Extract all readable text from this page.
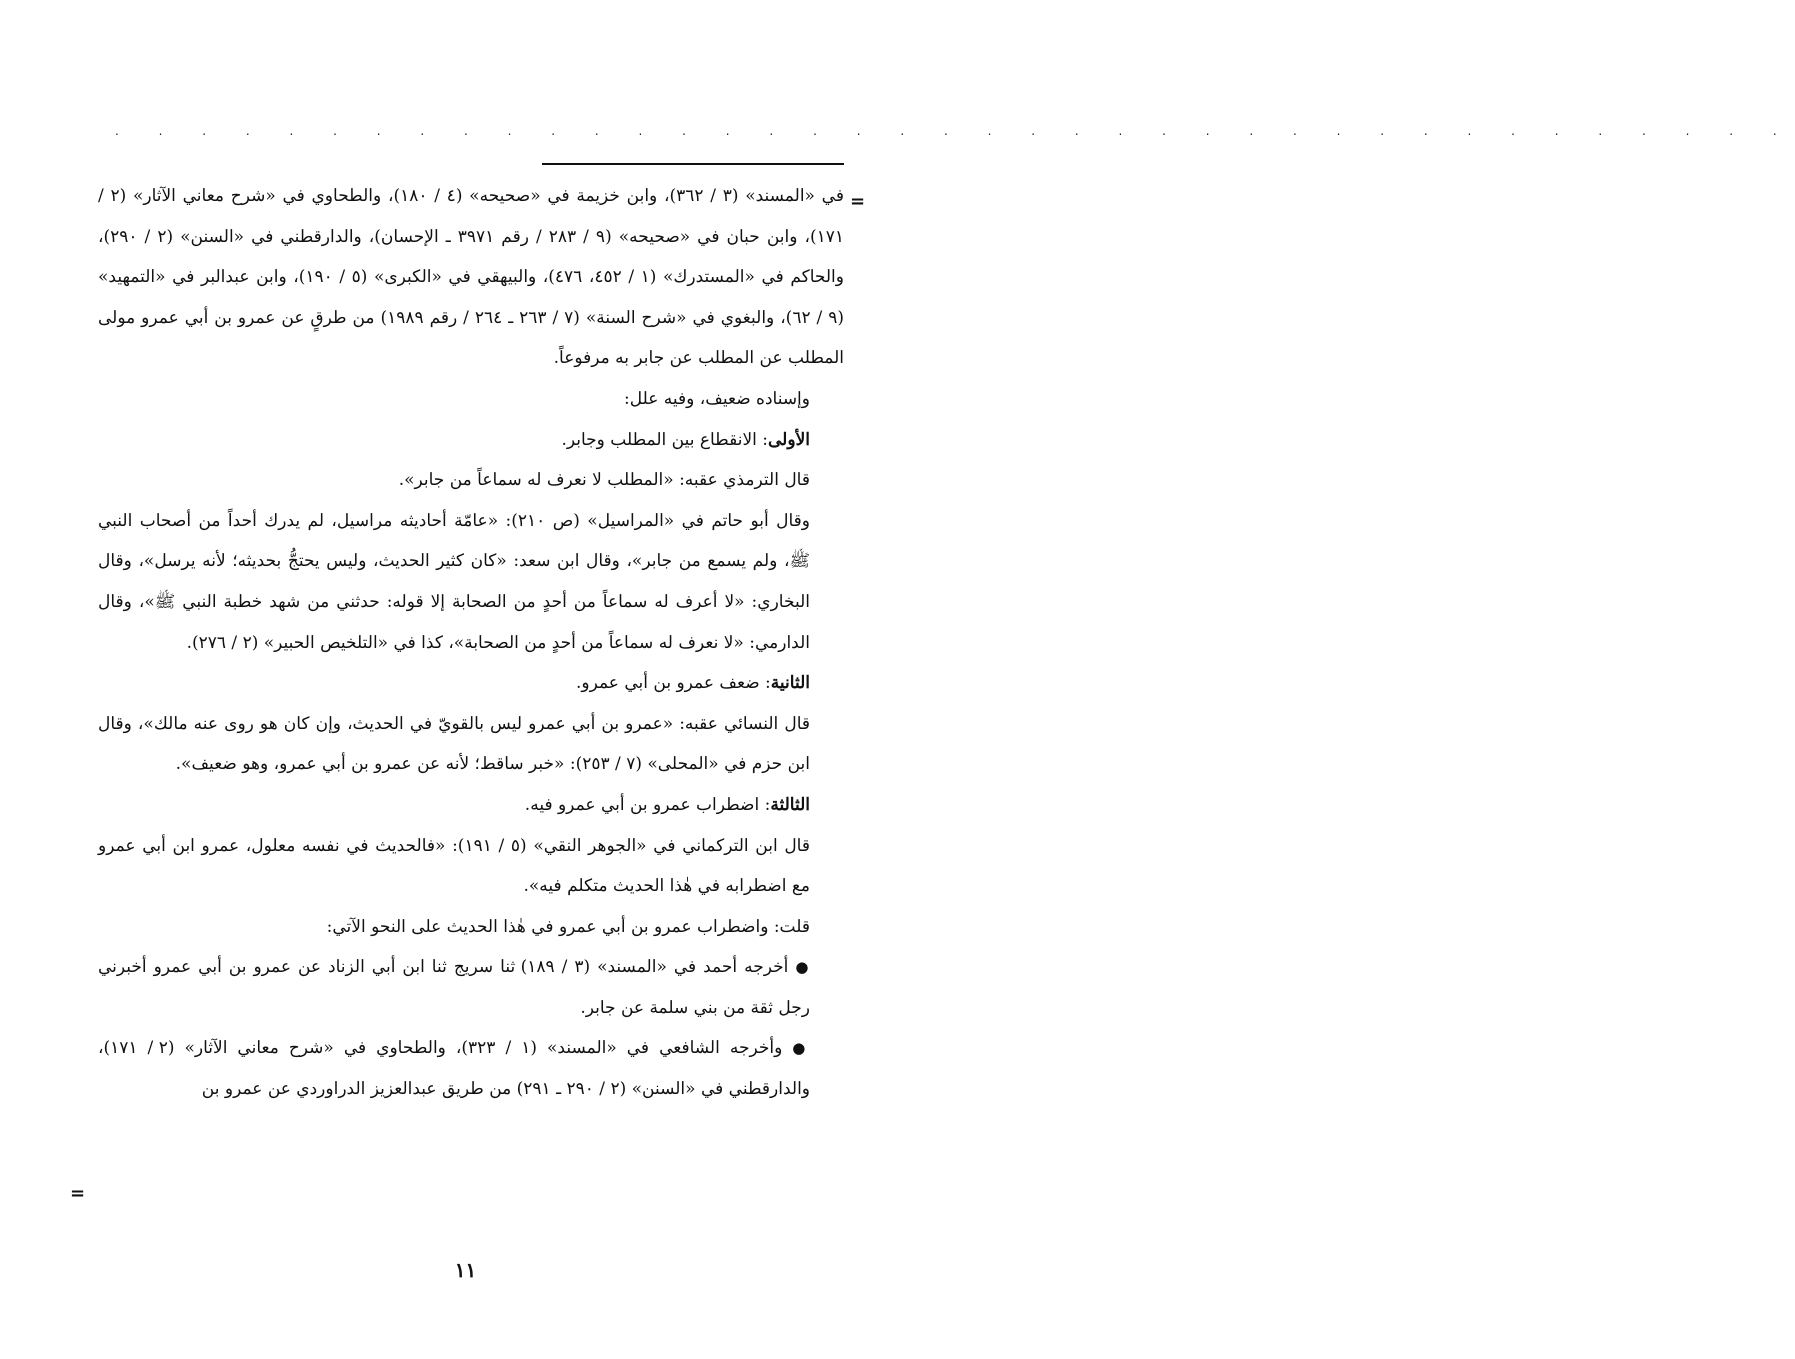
. . . . . . . . . . . . . . . . . . . . . . . . . . . . . . . . . . . . . . .
=

في «المسند» (٣ / ٣٦٢)، وابن خزيمة في «صحيحه» (٤ / ١٨٠)، والطحاوي في «شرح معاني الآثار» (٢ / ١٧١)، وابن حبان في «صحيحه» (٩ / ٢٨٣ / رقم ٣٩٧١ ـ الإحسان)، والدارقطني في «السنن» (٢ / ٢٩٠)، والحاكم في «المستدرك» (١ / ٤٥٢، ٤٧٦)، والبيهقي في «الكبرى» (٥ / ١٩٠)، وابن عبدالبر في «التمهيد» (٩ / ٦٢)، والبغوي في «شرح السنة» (٧ / ٢٦٣ ـ ٢٦٤ / رقم ١٩٨٩) من طرقٍ عن عمرو بن أبي عمرو مولى المطلب عن المطلب عن جابر به مرفوعاً.

وإسناده ضعيف، وفيه علل:

الأولى: الانقطاع بين المطلب وجابر.

قال الترمذي عقبه: «المطلب لا نعرف له سماعاً من جابر».

وقال أبو حاتم في «المراسيل» (ص ٢١٠): «عامّة أحاديثه مراسيل، لم يدرك أحداً من أصحاب النبي ﷺ، ولم يسمع من جابر»، وقال ابن سعد: «كان كثير الحديث، وليس يحتجُّ بحديثه؛ لأنه يرسل»، وقال البخاري: «لا أعرف له سماعاً من أحدٍ من الصحابة إلا قوله: حدثني من شهد خطبة النبي ﷺ»، وقال الدارمي: «لا نعرف له سماعاً من أحدٍ من الصحابة»، كذا في «التلخيص الحبير» (٢ / ٢٧٦).

الثانية: ضعف عمرو بن أبي عمرو.

قال النسائي عقبه: «عمرو بن أبي عمرو ليس بالقويّ في الحديث، وإن كان هو روى عنه مالك»، وقال ابن حزم في «المحلى» (٧ / ٢٥٣): «خبر ساقط؛ لأنه عن عمرو بن أبي عمرو، وهو ضعيف».

الثالثة: اضطراب عمرو بن أبي عمرو فيه.

قال ابن التركماني في «الجوهر النقي» (٥ / ١٩١): «فالحديث في نفسه معلول، عمرو ابن أبي عمرو مع اضطرابه في هٰذا الحديث متكلم فيه».

قلت: واضطراب عمرو بن أبي عمرو في هٰذا الحديث على النحو الآتي:

● أخرجه أحمد في «المسند» (٣ / ١٨٩) ثنا سريج ثنا ابن أبي الزناد عن عمرو بن أبي عمرو أخبرني رجل ثقة من بني سلمة عن جابر.

● وأخرجه الشافعي في «المسند» (١ / ٣٢٣)، والطحاوي في «شرح معاني الآثار» (٢ / ١٧١)، والدارقطني في «السنن» (٢ / ٢٩٠ ـ ٢٩١) من طريق عبدالعزيز الدراوردي عن عمرو بن

=
١١
